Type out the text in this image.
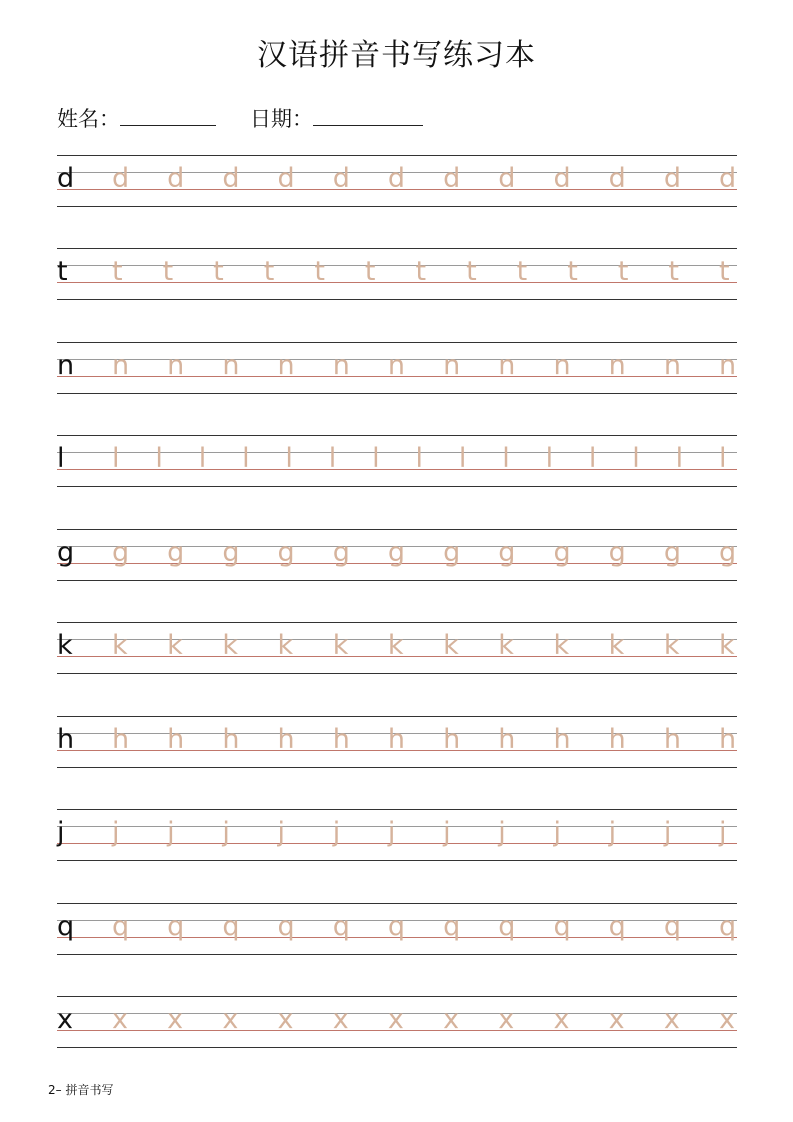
汉语拼音书写练习本
姓名：	日期：
d d d d d d d d d d d d d
t t t t t t t t t t t t t t
n n n n n n n n n n n n n
l l l l l l l l l l l l l l l l
g g g g g g g g g g g g g
k k k k k k k k k k k k k
h h h h h h h h h h h h h
j j j j j j j j j j j j j
q q q q q q q q q q q q q
x x x x x x x x x x x x x
2– 拼音书写
